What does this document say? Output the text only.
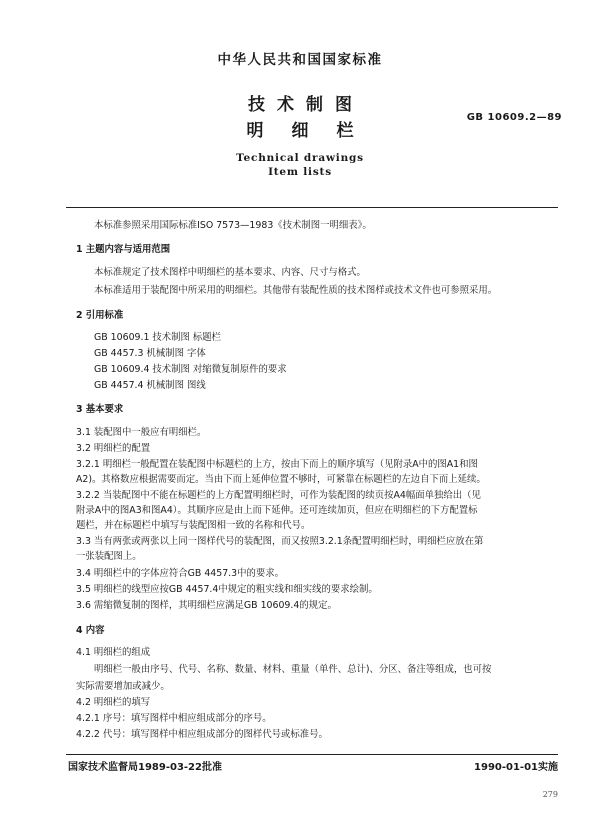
中华人民共和国国家标准
技术制图
明细栏
GB 10609.2—89
Technical drawings
Item lists
本标准参照采用国际标准ISO 7573—1983《技术制图一明细表》。
1 主题内容与适用范围
本标准规定了技术图样中明细栏的基本要求、内容、尺寸与格式。
本标准适用于装配图中所采用的明细栏。其他带有装配性质的技术图样或技术文件也可参照采用。
2 引用标准
GB 10609.1 技术制图 标题栏
GB 4457.3 机械制图 字体
GB 10609.4 技术制图 对缩微复制原件的要求
GB 4457.4 机械制图 图线
3 基本要求
3.1 装配图中一般应有明细栏。
3.2 明细栏的配置
3.2.1 明细栏一般配置在装配图中标题栏的上方，按由下而上的顺序填写（见附录A中的图A1和图
A2)。其格数应根据需要而定。当由下而上延伸位置不够时，可紧靠在标题栏的左边自下而上延续。
3.2.2 当装配图中不能在标题栏的上方配置明细栏时，可作为装配图的续页按A4幅面单独给出（见
附录A中的图A3和图A4）。其顺序应是由上而下延伸。还可连续加页，但应在明细栏的下方配置标
题栏，并在标题栏中填写与装配图相一致的名称和代号。
3.3 当有两张或两张以上同一图样代号的装配图，而又按照3.2.1条配置明细栏时，明细栏应放在第
一张装配图上。
3.4 明细栏中的字体应符合GB 4457.3中的要求。
3.5 明细栏的线型应按GB 4457.4中规定的粗实线和细实线的要求绘制。
3.6 需缩微复制的图样，其明细栏应满足GB 10609.4的规定。
4 内容
4.1 明细栏的组成
明细栏一般由序号、代号、名称、数量、材料、重量（单件、总计)、分区、备注等组成，也可按
实际需要增加或减少。
4.2 明细栏的填写
4.2.1 序号：填写图样中相应组成部分的序号。
4.2.2 代号：填写图样中相应组成部分的图样代号或标准号。
国家技术监督局1989-03-22批准	1990-01-01实施
279
